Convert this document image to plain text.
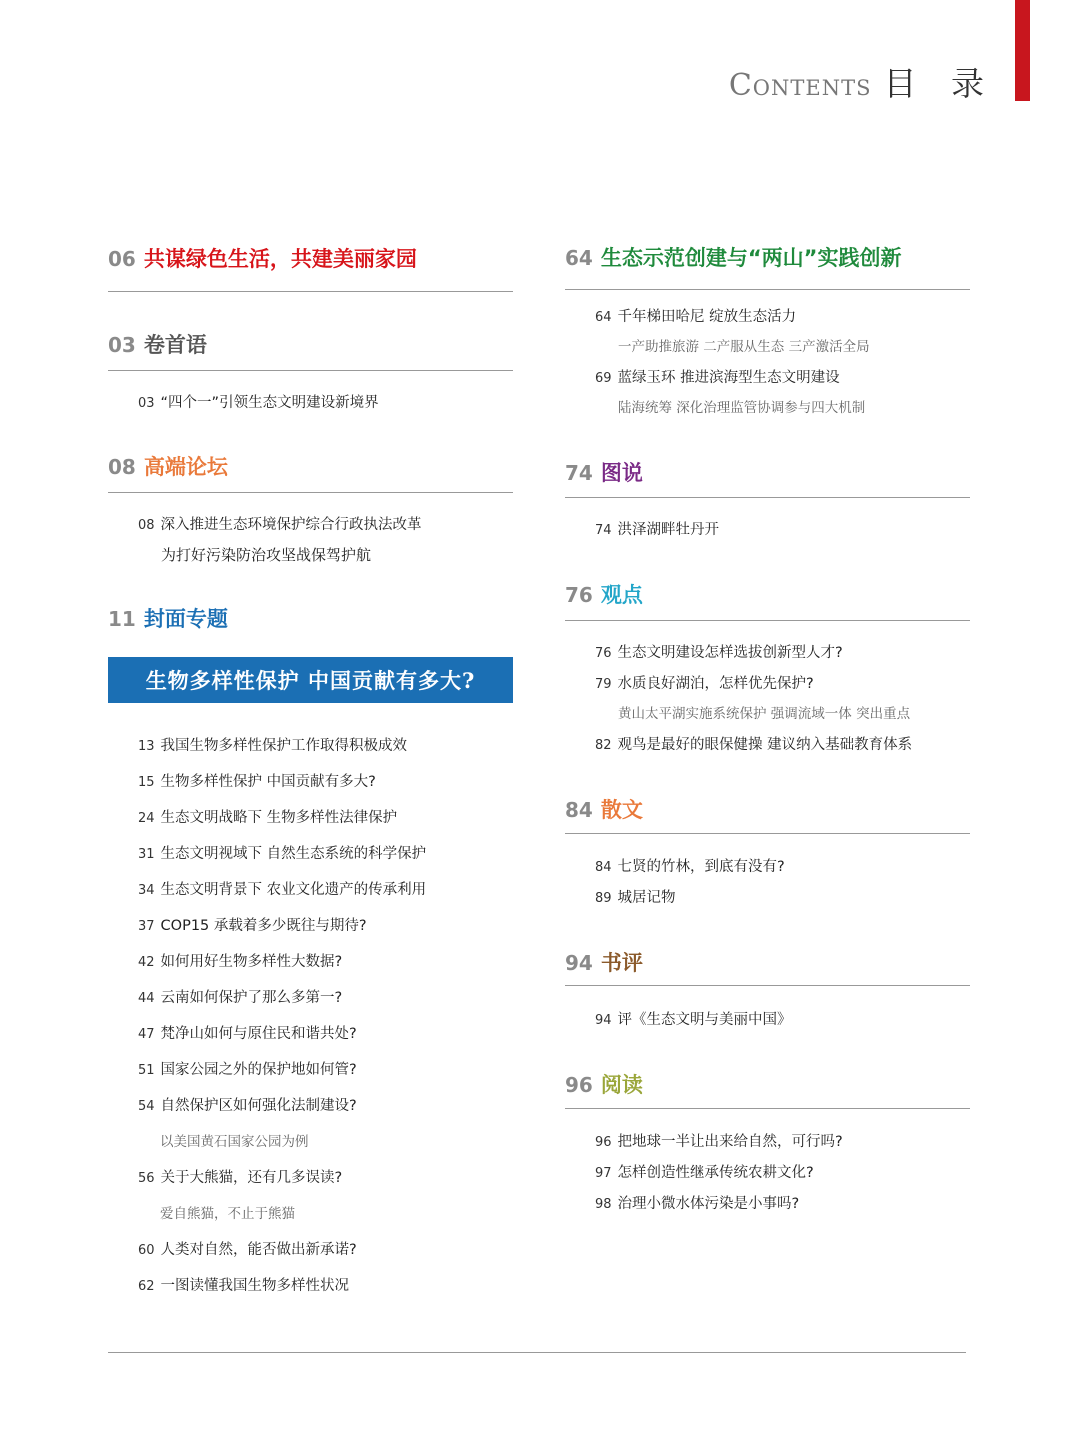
Contents 目 录
06 共谋绿色生活，共建美丽家园
03 卷首语
03 “四个一”引领生态文明建设新境界
08 高端论坛
08 深入推进生态环境保护综合行政执法改革
为打好污染防治攻坚战保驾护航
11 封面专题
生物多样性保护 中国贡献有多大?
13 我国生物多样性保护工作取得积极成效
15 生物多样性保护 中国贡献有多大?
24 生态文明战略下 生物多样性法律保护
31 生态文明视域下 自然生态系统的科学保护
34 生态文明背景下 农业文化遗产的传承利用
37 COP15 承载着多少既往与期待?
42 如何用好生物多样性大数据?
44 云南如何保护了那么多第一?
47 梵净山如何与原住民和谐共处?
51 国家公园之外的保护地如何管?
54 自然保护区如何强化法制建设?
以美国黄石国家公园为例
56 关于大熊猫，还有几多误读?
爱自熊猫，不止于熊猫
60 人类对自然，能否做出新承诺?
62 一图读懂我国生物多样性状况
64 生态示范创建与“两山”实践创新
64 千年梯田哈尼 绽放生态活力
一产助推旅游 二产服从生态 三产激活全局
69 蓝绿玉环 推进滨海型生态文明建设
陆海统筹 深化治理监管协调参与四大机制
74 图说
74 洪泽湖畔牡丹开
76 观点
76 生态文明建设怎样选拔创新型人才?
79 水质良好湖泊，怎样优先保护?
黄山太平湖实施系统保护 强调流域一体 突出重点
82 观鸟是最好的眼保健操 建议纳入基础教育体系
84 散文
84 七贤的竹林，到底有没有?
89 城居记物
94 书评
94 评《生态文明与美丽中国》
96 阅读
96 把地球一半让出来给自然，可行吗?
97 怎样创造性继承传统农耕文化?
98 治理小微水体污染是小事吗?
